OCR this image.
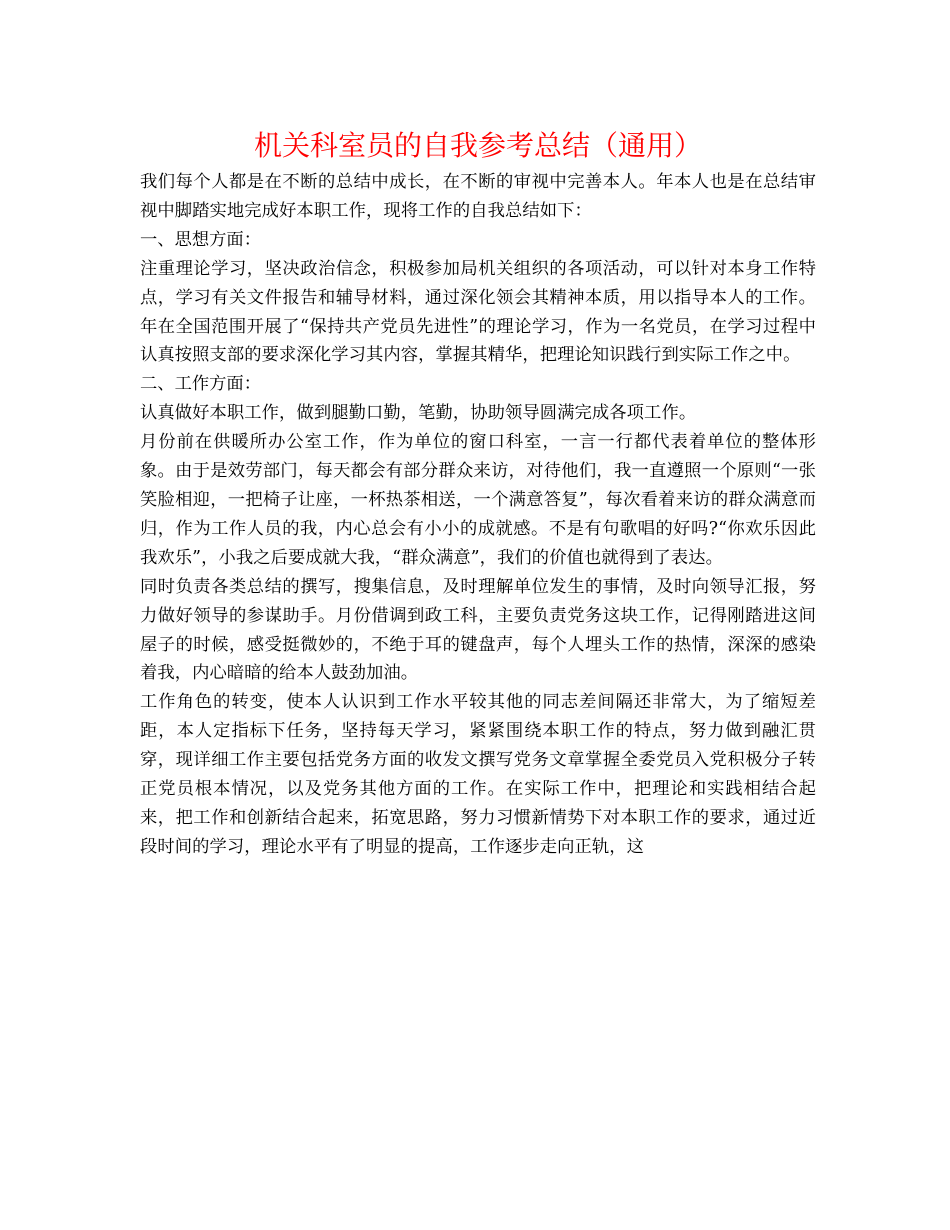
机关科室员的自我参考总结（通用）

我们每个人都是在不断的总结中成长，在不断的审视中完善本人。年本人也是在总结审视中脚踏实地完成好本职工作，现将工作的自我总结如下：

一、思想方面：

注重理论学习，坚决政治信念，积极参加局机关组织的各项活动，可以针对本身工作特点，学习有关文件报告和辅导材料，通过深化领会其精神本质，用以指导本人的工作。年在全国范围开展了“保持共产党员先进性”的理论学习，作为一名党员，在学习过程中认真按照支部的要求深化学习其内容，掌握其精华，把理论知识践行到实际工作之中。

二、工作方面：

认真做好本职工作，做到腿勤口勤，笔勤，协助领导圆满完成各项工作。

月份前在供暖所办公室工作，作为单位的窗口科室，一言一行都代表着单位的整体形象。由于是效劳部门，每天都会有部分群众来访，对待他们，我一直遵照一个原则“一张笑脸相迎，一把椅子让座，一杯热茶相送，一个满意答复”，每次看着来访的群众满意而归，作为工作人员的我，内心总会有小小的成就感。不是有句歌唱的好吗?“你欢乐因此我欢乐”，小我之后要成就大我，“群众满意”，我们的价值也就得到了表达。

同时负责各类总结的撰写，搜集信息，及时理解单位发生的事情，及时向领导汇报，努力做好领导的参谋助手。月份借调到政工科，主要负责党务这块工作，记得刚踏进这间屋子的时候，感受挺微妙的，不绝于耳的键盘声，每个人埋头工作的热情，深深的感染着我，内心暗暗的给本人鼓劲加油。

工作角色的转变，使本人认识到工作水平较其他的同志差间隔还非常大，为了缩短差距，本人定指标下任务，坚持每天学习，紧紧围绕本职工作的特点，努力做到融汇贯穿，现详细工作主要包括党务方面的收发文撰写党务文章掌握全委党员入党积极分子转正党员根本情况，以及党务其他方面的工作。在实际工作中，把理论和实践相结合起来，把工作和创新结合起来，拓宽思路，努力习惯新情势下对本职工作的要求，通过近段时间的学习，理论水平有了明显的提高，工作逐步走向正轨，这
